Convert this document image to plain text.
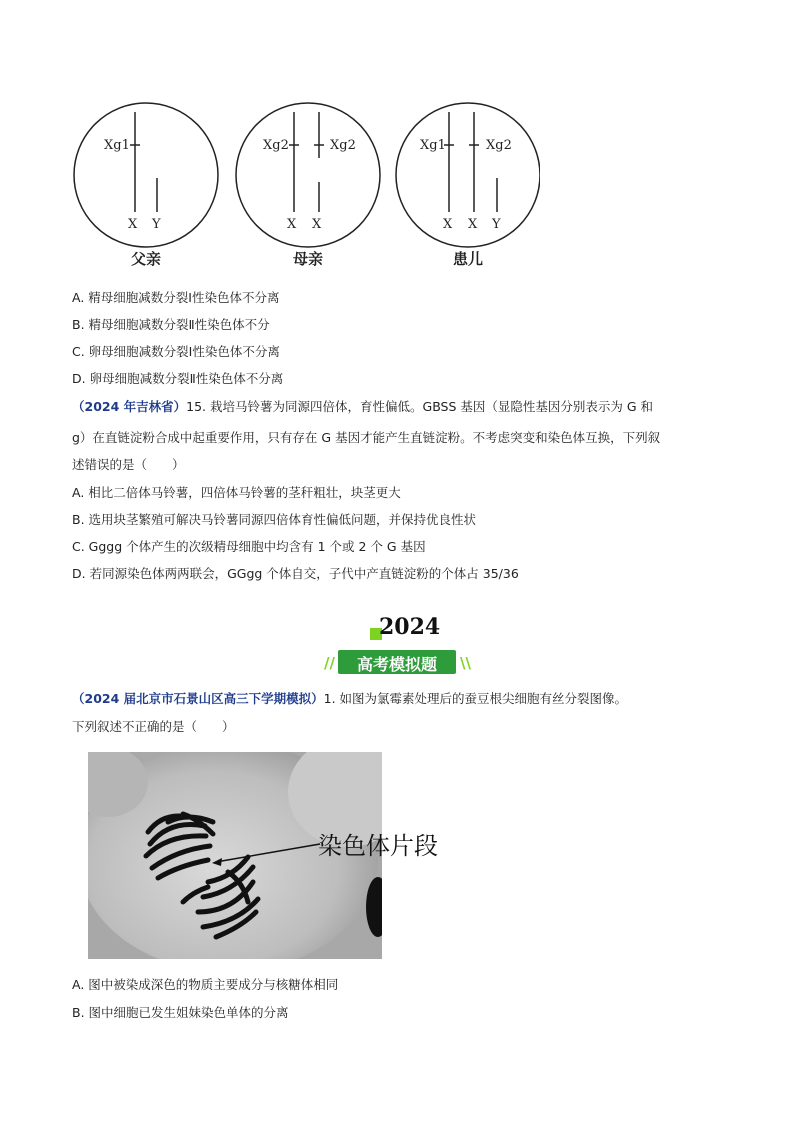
Xg1
X Y
Xg2	Xg2
X X
Xg1	Xg2
X X Y
父亲	母亲	患儿
A. 精母细胞减数分裂Ⅰ性染色体不分离
B. 精母细胞减数分裂Ⅱ性染色体不分
C. 卵母细胞减数分裂Ⅰ性染色体不分离
D. 卵母细胞减数分裂Ⅱ性染色体不分离
（2024 年吉林省）15. 栽培马铃薯为同源四倍体，育性偏低。GBSS 基因（显隐性基因分别表示为 G 和
g）在直链淀粉合成中起重要作用，只有存在 G 基因才能产生直链淀粉。不考虑突变和染色体互换，下列叙
述错误的是（　　）
A. 相比二倍体马铃薯，四倍体马铃薯的茎秆粗壮，块茎更大
B. 选用块茎繁殖可解决马铃薯同源四倍体育性偏低问题，并保持优良性状
C. Gggg 个体产生的次级精母细胞中均含有 1 个或 2 个 G 基因
D. 若同源染色体两两联会，GGgg 个体自交，子代中产直链淀粉的个体占 35/36
2024
//	高考模拟题	\\
（2024 届北京市石景山区高三下学期模拟）1. 如图为氯霉素处理后的蚕豆根尖细胞有丝分裂图像。
下列叙述不正确的是（　　）
染色体片段
A. 图中被染成深色的物质主要成分与核糖体相同
B. 图中细胞已发生姐妹染色单体的分离
